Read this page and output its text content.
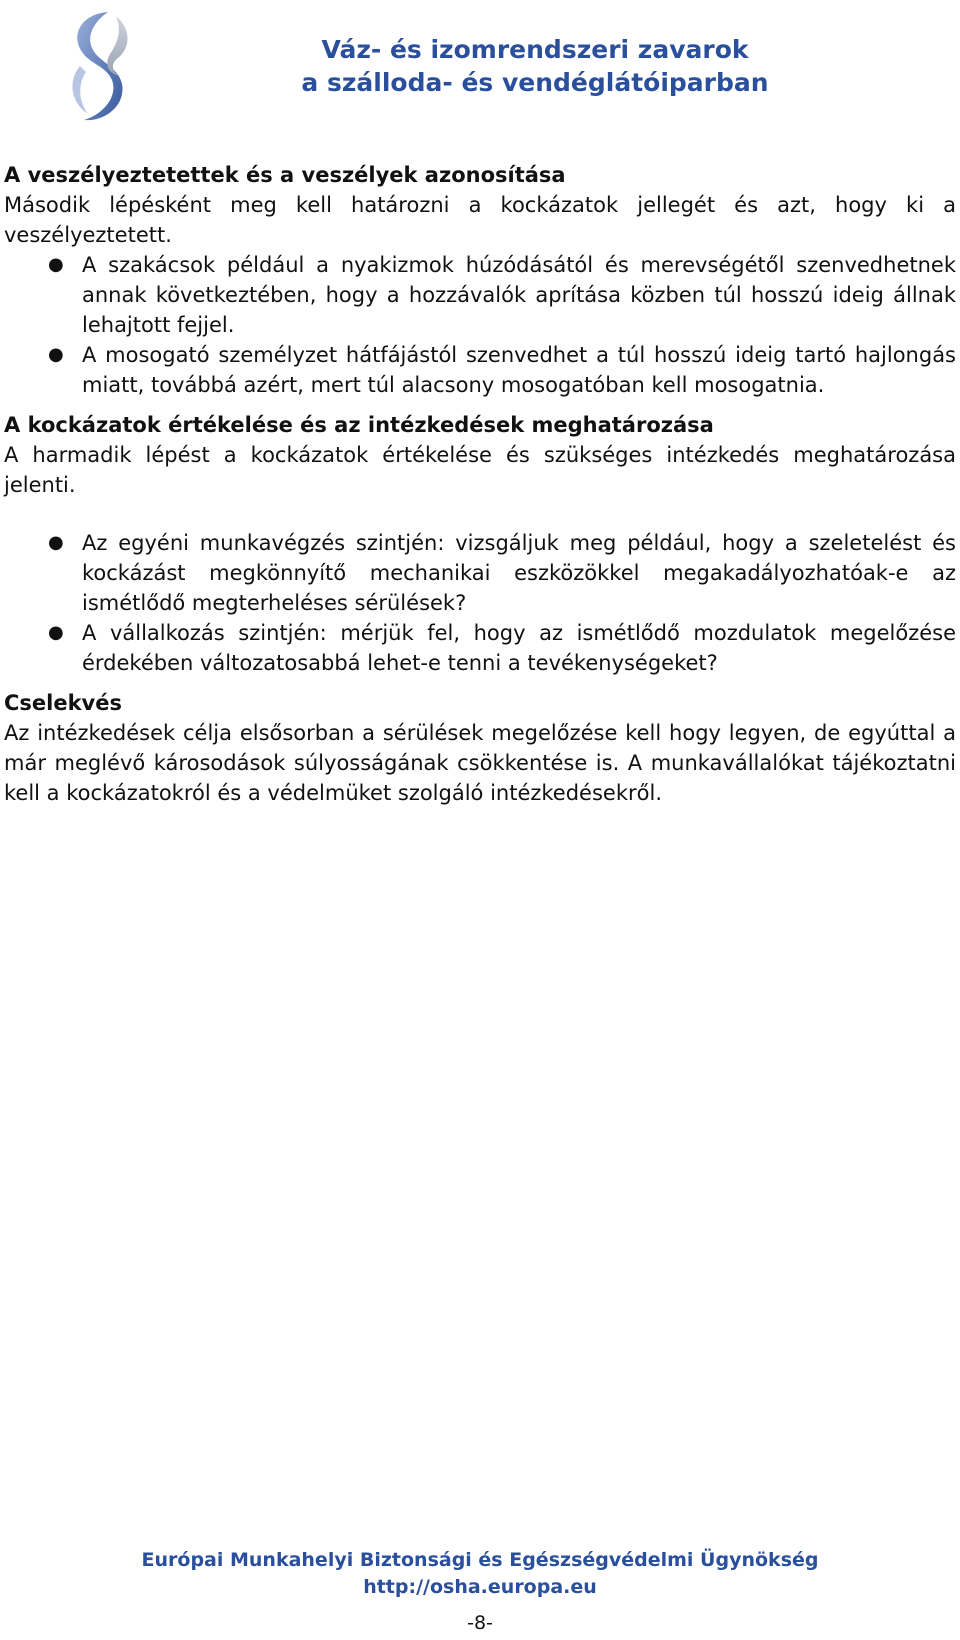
Váz- és izomrendszeri zavarok
a szálloda- és vendéglátóiparban

A veszélyeztetettek és a veszélyek azonosítása

Második lépésként meg kell határozni a kockázatok jellegét és azt, hogy ki a veszélyeztetett.

● A szakácsok például a nyakizmok húzódásától és merevségétől szenvedhetnek annak következtében, hogy a hozzávalók aprítása közben túl hosszú ideig állnak lehajtott fejjel.
● A mosogató személyzet hátfájástól szenvedhet a túl hosszú ideig tartó hajlongás miatt, továbbá azért, mert túl alacsony mosogatóban kell mosogatnia.

A kockázatok értékelése és az intézkedések meghatározása

A harmadik lépést a kockázatok értékelése és szükséges intézkedés meghatározása jelenti.

● Az egyéni munkavégzés szintjén: vizsgáljuk meg például, hogy a szeletelést és kockázást megkönnyítő mechanikai eszközökkel megakadályozhatóak-e az ismétlődő megterheléses sérülések?
● A vállalkozás szintjén: mérjük fel, hogy az ismétlődő mozdulatok megelőzése érdekében változatosabbá lehet-e tenni a tevékenységeket?

Cselekvés

Az intézkedések célja elsősorban a sérülések megelőzése kell hogy legyen, de egyúttal a már meglévő károsodások súlyosságának csökkentése is. A munkavállalókat tájékoztatni kell a kockázatokról és a védelmüket szolgáló intézkedésekről.

Európai Munkahelyi Biztonsági és Egészségvédelmi Ügynökség
http://osha.europa.eu
-8-
